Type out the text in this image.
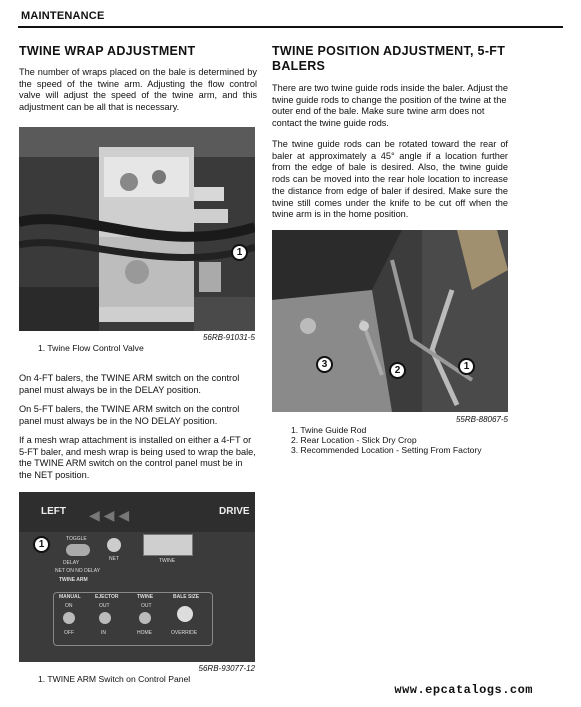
MAINTENANCE
TWINE WRAP ADJUSTMENT
The number of wraps placed on the bale is determined by the speed of the twine arm. Adjusting the flow control valve will adjust the speed of the twine arm, and this adjustment can be all that is necessary.
1
56RB-91031-5
1. Twine Flow Control Valve
On 4-FT balers, the TWINE ARM switch on the control panel must always be in the DELAY position.
On 5-FT balers, the TWINE ARM switch on the control panel must always be in the NO DELAY position.
If a mesh wrap attachment is installed on either a 4-FT or 5-FT baler, and mesh wrap is being used to wrap the bale, the TWINE ARM switch on the control panel must be in the NET position.
LEFT	DRIVE
◀ ◀ ◀
TOGGLE
DELAY
NET ON NO DELAY
TWINE ARM
NET	TWINE
MANUAL	EJECTOR	TWINE	BALE SIZE
ON	OUT	OUT
OFF	IN	HOME	OVERRIDE
1
56RB-93077-12
1. TWINE ARM Switch on Control Panel
TWINE POSITION ADJUSTMENT, 5-FT BALERS
There are two twine guide rods inside the baler. Adjust the twine guide rods to change the position of the twine at the outer end of the bale. Make sure twine arm does not contact the twine guide rods.
The twine guide rods can be rotated toward the rear of baler at approximately a 45° angle if a location further from the edge of bale is desired. Also, the twine guide rods can be moved into the rear hole location to increase the distance from edge of baler if desired. Make sure the twine still comes under the knife to be cut off when the twine arm is in the home position.
3
2	1
55RB-88067-5
1. Twine Guide Rod
2. Rear Location - Slick Dry Crop
3. Recommended Location - Setting From Factory
www.epcatalogs.com
